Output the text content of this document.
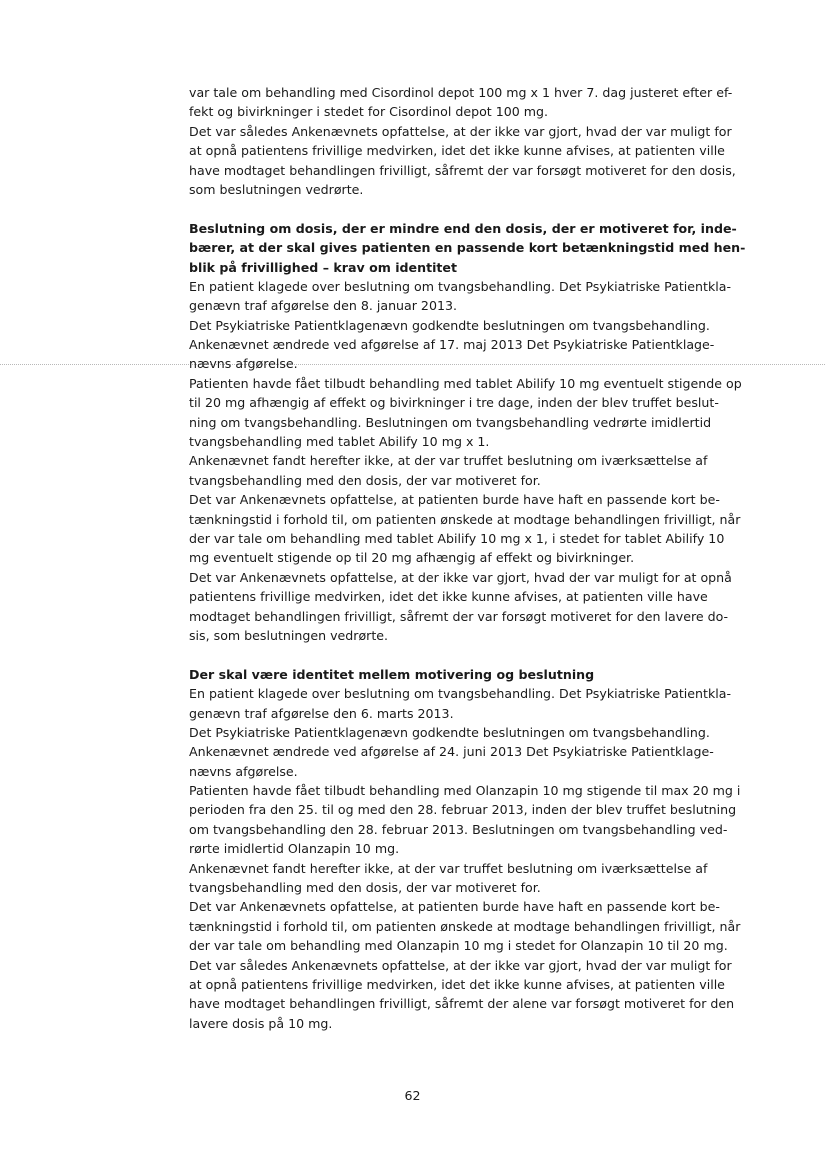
var tale om behandling med Cisordinol depot 100 mg x 1 hver 7. dag justeret efter ef-
fekt og bivirkninger i stedet for Cisordinol depot 100 mg.
Det var således Ankenævnets opfattelse, at der ikke var gjort, hvad der var muligt for
at opnå patientens frivillige medvirken, idet det ikke kunne afvises, at patienten ville
have modtaget behandlingen frivilligt, såfremt der var forsøgt motiveret for den dosis,
som beslutningen vedrørte.
Beslutning om dosis, der er mindre end den dosis, der er motiveret for, inde-
bærer, at der skal gives patienten en passende kort betænkningstid med hen-
blik på frivillighed – krav om identitet
En patient klagede over beslutning om tvangsbehandling. Det Psykiatriske Patientkla-
genævn traf afgørelse den 8. januar 2013.
Det Psykiatriske Patientklagenævn godkendte beslutningen om tvangsbehandling.
Ankenævnet ændrede ved afgørelse af 17. maj 2013 Det Psykiatriske Patientklage-
nævns afgørelse.
Patienten havde fået tilbudt behandling med tablet Abilify 10 mg eventuelt stigende op
til 20 mg afhængig af effekt og bivirkninger i tre dage, inden der blev truffet beslut-
ning om tvangsbehandling. Beslutningen om tvangsbehandling vedrørte imidlertid
tvangsbehandling med tablet Abilify 10 mg x 1.
Ankenævnet fandt herefter ikke, at der var truffet beslutning om iværksættelse af
tvangsbehandling med den dosis, der var motiveret for.
Det var Ankenævnets opfattelse, at patienten burde have haft en passende kort be-
tænkningstid i forhold til, om patienten ønskede at modtage behandlingen frivilligt, når
der var tale om behandling med tablet Abilify 10 mg x 1, i stedet for tablet Abilify 10
mg eventuelt stigende op til 20 mg afhængig af effekt og bivirkninger.
Det var Ankenævnets opfattelse, at der ikke var gjort, hvad der var muligt for at opnå
patientens frivillige medvirken, idet det ikke kunne afvises, at patienten ville have
modtaget behandlingen frivilligt, såfremt der var forsøgt motiveret for den lavere do-
sis, som beslutningen vedrørte.
Der skal være identitet mellem motivering og beslutning
En patient klagede over beslutning om tvangsbehandling. Det Psykiatriske Patientkla-
genævn traf afgørelse den 6. marts 2013.
Det Psykiatriske Patientklagenævn godkendte beslutningen om tvangsbehandling.
Ankenævnet ændrede ved afgørelse af 24. juni 2013 Det Psykiatriske Patientklage-
nævns afgørelse.
Patienten havde fået tilbudt behandling med Olanzapin 10 mg stigende til max 20 mg i
perioden fra den 25. til og med den 28. februar 2013, inden der blev truffet beslutning
om tvangsbehandling den 28. februar 2013. Beslutningen om tvangsbehandling ved-
rørte imidlertid Olanzapin 10 mg.
Ankenævnet fandt herefter ikke, at der var truffet beslutning om iværksættelse af
tvangsbehandling med den dosis, der var motiveret for.
Det var Ankenævnets opfattelse, at patienten burde have haft en passende kort be-
tænkningstid i forhold til, om patienten ønskede at modtage behandlingen frivilligt, når
der var tale om behandling med Olanzapin 10 mg i stedet for Olanzapin 10 til 20 mg.
Det var således Ankenævnets opfattelse, at der ikke var gjort, hvad der var muligt for
at opnå patientens frivillige medvirken, idet det ikke kunne afvises, at patienten ville
have modtaget behandlingen frivilligt, såfremt der alene var forsøgt motiveret for den
lavere dosis på 10 mg.
62
